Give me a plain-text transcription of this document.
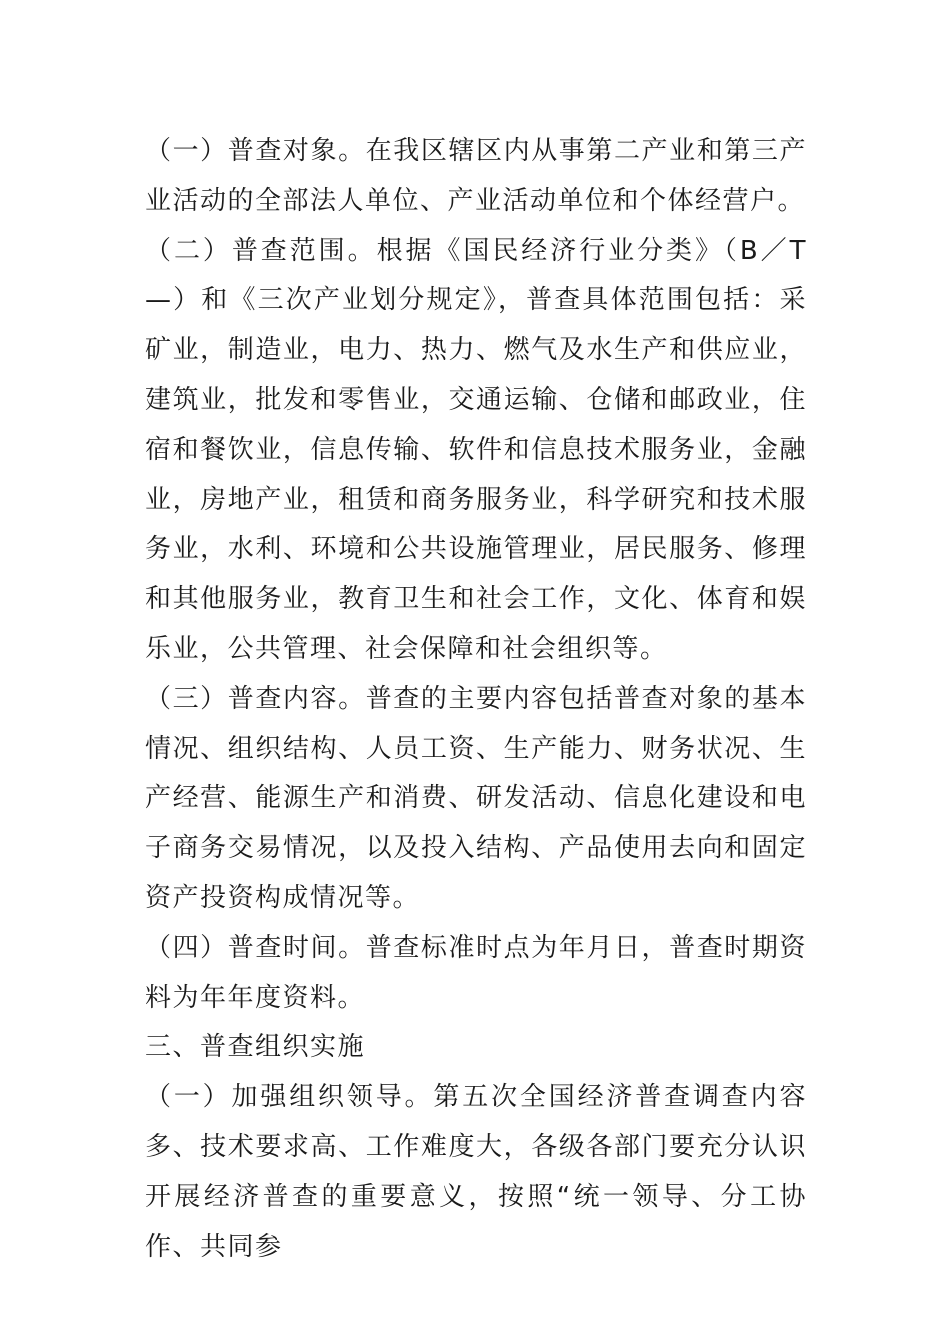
（一）普查对象。在我区辖区内从事第二产业和第三产业活动的全部法人单位、产业活动单位和个体经营户。

（二）普查范围。根据《国民经济行业分类》（B／T—）和《三次产业划分规定》，普查具体范围包括：采矿业，制造业，电力、热力、燃气及水生产和供应业，建筑业，批发和零售业，交通运输、仓储和邮政业，住宿和餐饮业，信息传输、软件和信息技术服务业，金融业，房地产业，租赁和商务服务业，科学研究和技术服务业，水利、环境和公共设施管理业，居民服务、修理和其他服务业，教育卫生和社会工作，文化、体育和娱乐业，公共管理、社会保障和社会组织等。

（三）普查内容。普查的主要内容包括普查对象的基本情况、组织结构、人员工资、生产能力、财务状况、生产经营、能源生产和消费、研发活动、信息化建设和电子商务交易情况，以及投入结构、产品使用去向和固定资产投资构成情况等。

（四）普查时间。普查标准时点为年月日，普查时期资料为年年度资料。

三、普查组织实施

（一）加强组织领导。第五次全国经济普查调查内容多、技术要求高、工作难度大，各级各部门要充分认识开展经济普查的重要意义，按照“统一领导、分工协作、共同参
